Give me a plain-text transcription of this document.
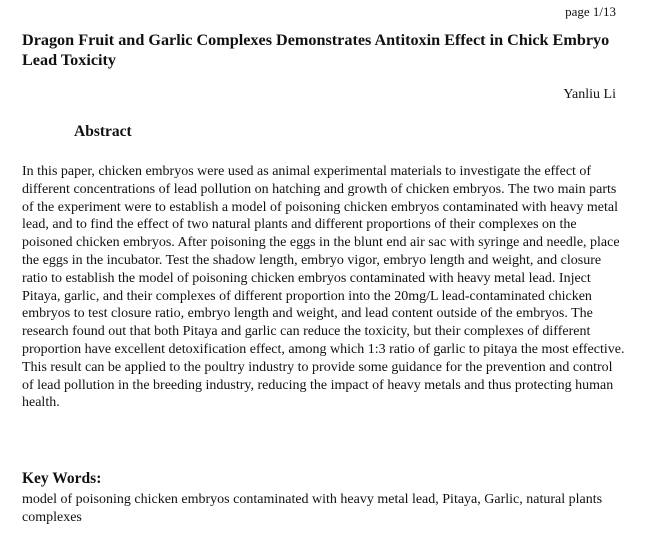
page 1/13
Dragon Fruit and Garlic Complexes Demonstrates Antitoxin Effect in Chick Embryo Lead Toxicity
Yanliu Li
Abstract

In this paper, chicken embryos were used as animal experimental materials to investigate the effect of different concentrations of lead pollution on hatching and growth of chicken embryos. The two main parts of the experiment were to establish a model of poisoning chicken embryos contaminated with heavy metal lead, and to find the effect of two natural plants and different proportions of their complexes on the poisoned chicken embryos. After poisoning the eggs in the blunt end air sac with syringe and needle, place the eggs in the incubator. Test the shadow length, embryo vigor, embryo length and weight, and closure ratio to establish the model of poisoning chicken embryos contaminated with heavy metal lead. Inject Pitaya, garlic, and their complexes of different proportion into the 20mg/L lead-contaminated chicken embryos to test closure ratio, embryo length and weight, and lead content outside of the embryos. The research found out that both Pitaya and garlic can reduce the toxicity, but their complexes of different proportion have excellent detoxification effect, among which 1:3 ratio of garlic to pitaya the most effective. This result can be applied to the poultry industry to provide some guidance for the prevention and control of lead pollution in the breeding industry, reducing the impact of heavy metals and thus protecting human health.

Key Words:

model of poisoning chicken embryos contaminated with heavy metal lead, Pitaya, Garlic, natural plants complexes
